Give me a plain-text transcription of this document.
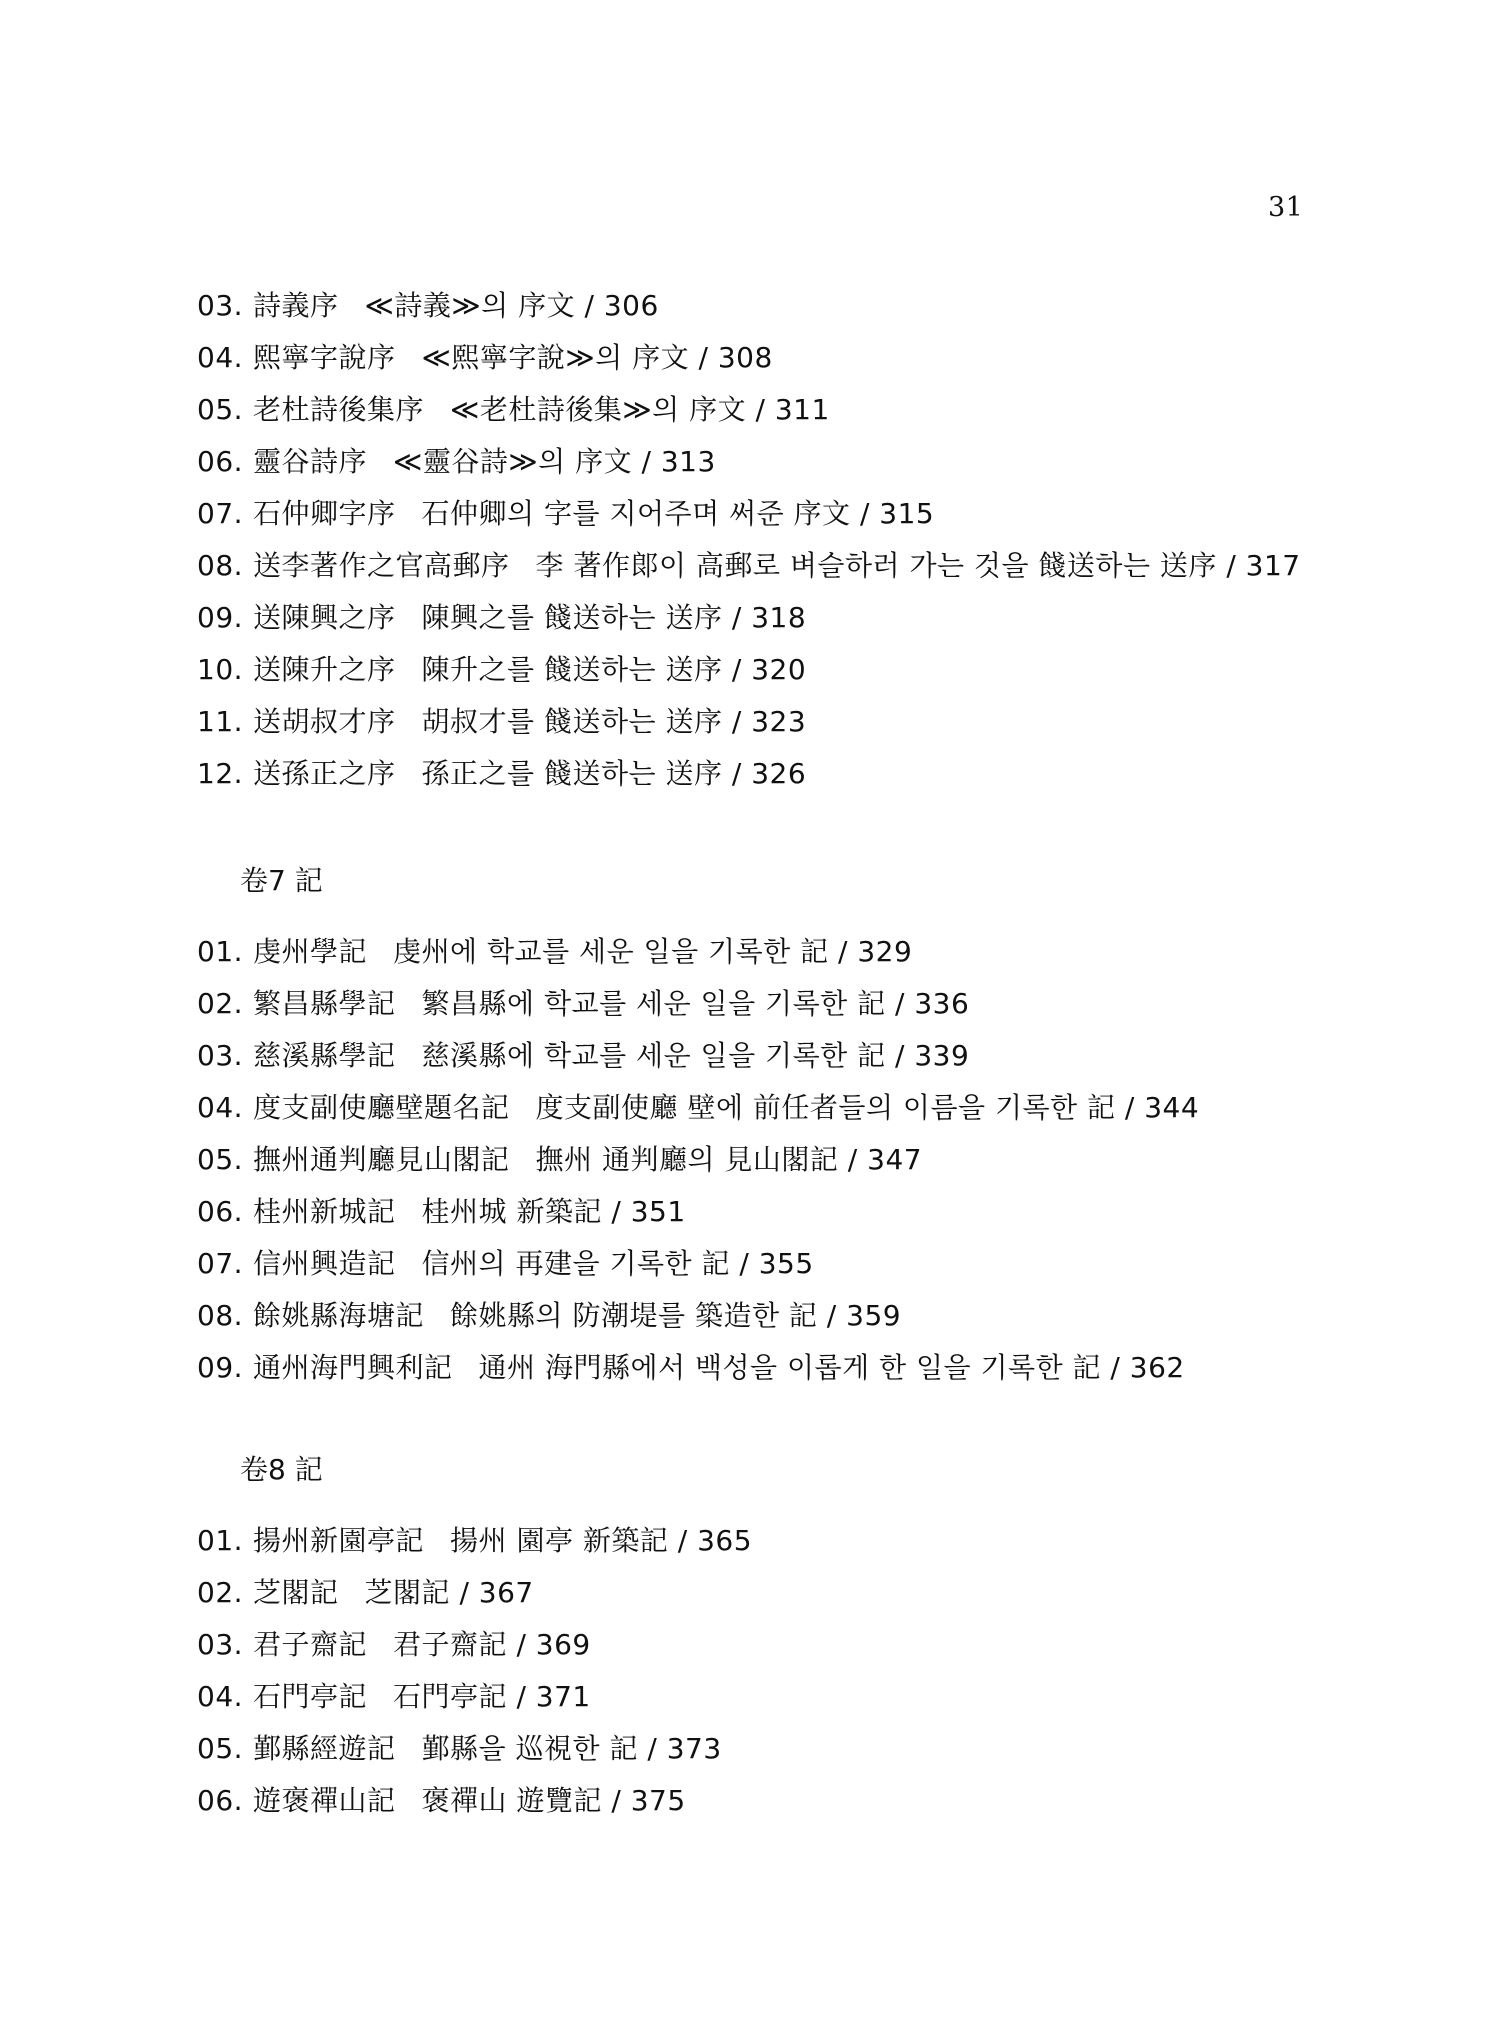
31
03. 詩義序 ≪詩義≫의 序文 / 306
04. 熙寧字說序 ≪熙寧字說≫의 序文 / 308
05. 老杜詩後集序 ≪老杜詩後集≫의 序文 / 311
06. 靈谷詩序 ≪靈谷詩≫의 序文 / 313
07. 石仲卿字序 石仲卿의 字를 지어주며 써준 序文 / 315
08. 送李著作之官高郵序 李 著作郞이 高郵로 벼슬하러 가는 것을 餞送하는 送序 / 317
09. 送陳興之序 陳興之를 餞送하는 送序 / 318
10. 送陳升之序 陳升之를 餞送하는 送序 / 320
11. 送胡叔才序 胡叔才를 餞送하는 送序 / 323
12. 送孫正之序 孫正之를 餞送하는 送序 / 326
卷7 記
01. 虔州學記 虔州에 학교를 세운 일을 기록한 記 / 329
02. 繁昌縣學記 繁昌縣에 학교를 세운 일을 기록한 記 / 336
03. 慈溪縣學記 慈溪縣에 학교를 세운 일을 기록한 記 / 339
04. 度支副使廳壁題名記 度支副使廳 壁에 前任者들의 이름을 기록한 記 / 344
05. 撫州通判廳見山閣記 撫州 通判廳의 見山閣記 / 347
06. 桂州新城記 桂州城 新築記 / 351
07. 信州興造記 信州의 再建을 기록한 記 / 355
08. 餘姚縣海塘記 餘姚縣의 防潮堤를 築造한 記 / 359
09. 通州海門興利記 通州 海門縣에서 백성을 이롭게 한 일을 기록한 記 / 362
卷8 記
01. 揚州新園亭記 揚州 園亭 新築記 / 365
02. 芝閣記 芝閣記 / 367
03. 君子齋記 君子齋記 / 369
04. 石門亭記 石門亭記 / 371
05. 鄞縣經遊記 鄞縣을 巡視한 記 / 373
06. 遊褒禪山記 褒禪山 遊覽記 / 375
